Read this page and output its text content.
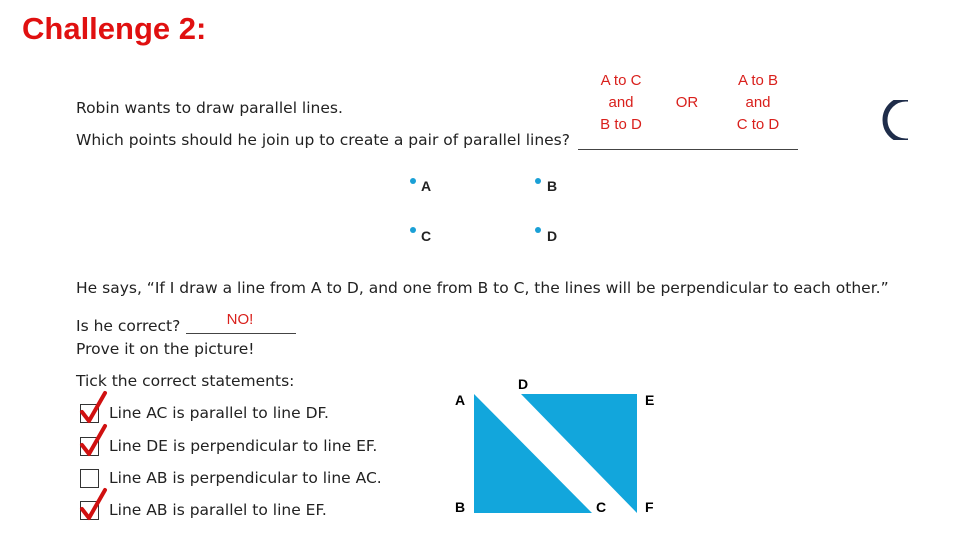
Challenge 2:
Robin wants to draw parallel lines.
Which points should he join up to create a pair of parallel lines?
A to C
and
B to D
OR
A to B
and
C to D
A	B
C	D
He says, “If I draw a line from A to D, and one from B to C, the lines will be perpendicular to each other.”
Is he correct?	NO!
Prove it on the picture!
Tick the correct statements:
Line AC is parallel to line DF.
Line DE is perpendicular to line EF.
Line AB is perpendicular to line AC.
Line AB is parallel to line EF.
A
B	C
D
E
F
